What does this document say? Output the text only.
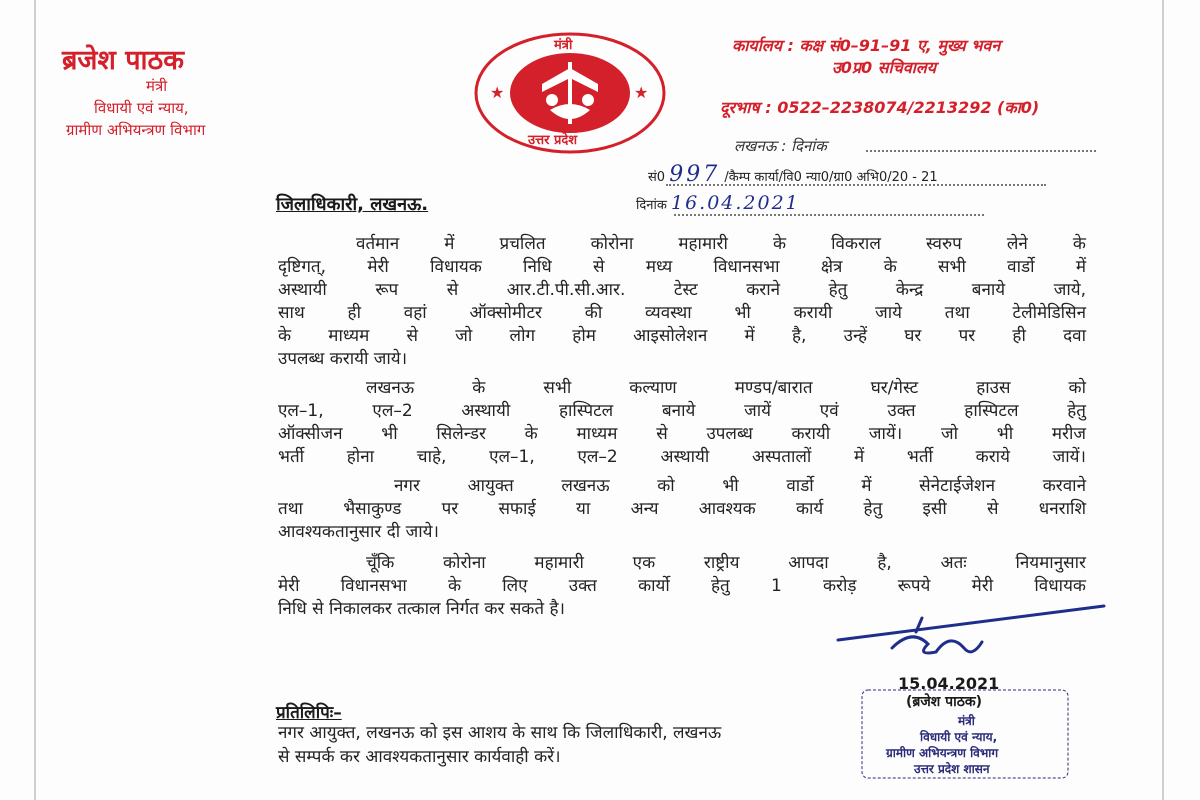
ब्रजेश पाठक
मंत्री
विधायी एवं न्याय,
ग्रामीण अभियन्त्रण विभाग
★	★
मंत्री
उत्तर प्रदेश
कार्यालय : कक्ष सं0–91–91 ए, मुख्य भवन
उ0प्र0 सचिवालय
दूरभाष : 0522–2238074/2213292 (का0)
लखनऊ : दिनांक
सं0 997 /कैम्प कार्या/वि0 न्या0/ग्रा0 अभि0/20 - 21
दिनांक 16.04.2021
जिलाधिकारी, लखनऊ.
वर्तमान में प्रचलित कोरोना महामारी के विकराल स्वरुप लेने के
दृष्टिगत्, मेरी विधायक निधि से मध्य विधानसभा क्षेत्र के सभी वार्डो में
अस्थायी रूप से आर.टी.पी.सी.आर. टेस्ट कराने हेतु केन्द्र बनाये जाये,
साथ ही वहां ऑक्सोमीटर की व्यवस्था भी करायी जाये तथा टेलीमेडिसिन
के माध्यम से जो लोग होम आइसोलेशन में है, उन्हें घर पर ही दवा
उपलब्ध करायी जाये।
लखनऊ के सभी कल्याण मण्डप/बारात घर/गेस्ट हाउस को
एल–1, एल–2 अस्थायी हास्पिटल बनाये जायें एवं उक्त हास्पिटल हेतु
ऑक्सीजन भी सिलेन्डर के माध्यम से उपलब्ध करायी जायें। जो भी मरीज
भर्ती होना चाहे, एल–1, एल–2 अस्थायी अस्पतालों में भर्ती कराये जायें।
नगर आयुक्त लखनऊ को भी वार्डो में सेनेटाईजेशन करवाने
तथा भैसाकुण्ड पर सफाई या अन्य आवश्यक कार्य हेतु इसी से धनराशि
आवश्यकतानुसार दी जाये।
चूँकि कोरोना महामारी एक राष्ट्रीय आपदा है, अतः नियमानुसार
मेरी विधानसभा के लिए उक्त कार्यो हेतु 1 करोड़ रूपये मेरी विधायक
निधि से निकालकर तत्काल निर्गत कर सकते है।
15.04.2021
(ब्रजेश पाठक)
मंत्री
विधायी एवं न्याय,
ग्रामीण अभियन्त्रण विभाग
उत्तर प्रदेश शासन
प्रतिलिपिः–
नगर आयुक्त, लखनऊ को इस आशय के साथ कि जिलाधिकारी, लखनऊ
से सम्पर्क कर आवश्यकतानुसार कार्यवाही करें।
